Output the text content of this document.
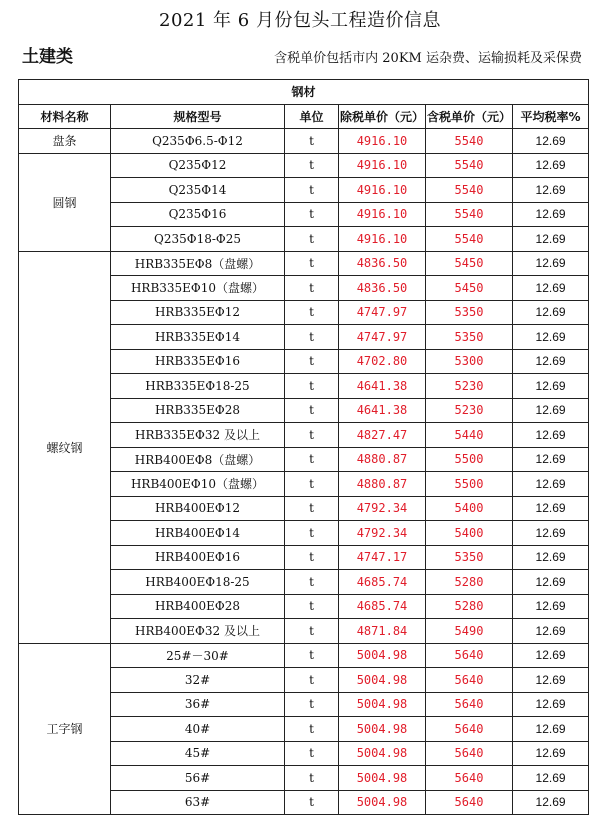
2021 年 6 月份包头工程造价信息
土建类	含税单价包括市内 20KM 运杂费、运输损耗及采保费
钢材					
材料名称	规格型号	单位	除税单价（元）	含税单价（元）	平均税率%
盘条	Q235Φ6.5-Φ12	t	4916.10	5540	12.69
圆钢	Q235Φ12	t	4916.10	5540	12.69
	Q235Φ14	t	4916.10	5540	12.69
	Q235Φ16	t	4916.10	5540	12.69
	Q235Φ18-Φ25	t	4916.10	5540	12.69
螺纹钢	HRB335EΦ8（盘螺）	t	4836.50	5450	12.69
	HRB335EΦ10（盘螺）	t	4836.50	5450	12.69
	HRB335EΦ12	t	4747.97	5350	12.69
	HRB335EΦ14	t	4747.97	5350	12.69
	HRB335EΦ16	t	4702.80	5300	12.69
	HRB335EΦ18-25	t	4641.38	5230	12.69
	HRB335EΦ28	t	4641.38	5230	12.69
	HRB335EΦ32 及以上	t	4827.47	5440	12.69
	HRB400EΦ8（盘螺）	t	4880.87	5500	12.69
	HRB400EΦ10（盘螺）	t	4880.87	5500	12.69
	HRB400EΦ12	t	4792.34	5400	12.69
	HRB400EΦ14	t	4792.34	5400	12.69
	HRB400EΦ16	t	4747.17	5350	12.69
	HRB400EΦ18-25	t	4685.74	5280	12.69
	HRB400EΦ28	t	4685.74	5280	12.69
	HRB400EΦ32 及以上	t	4871.84	5490	12.69
工字钢	25#－30#	t	5004.98	5640	12.69
	32#	t	5004.98	5640	12.69
	36#	t	5004.98	5640	12.69
	40#	t	5004.98	5640	12.69
	45#	t	5004.98	5640	12.69
	56#	t	5004.98	5640	12.69
	63#	t	5004.98	5640	12.69
